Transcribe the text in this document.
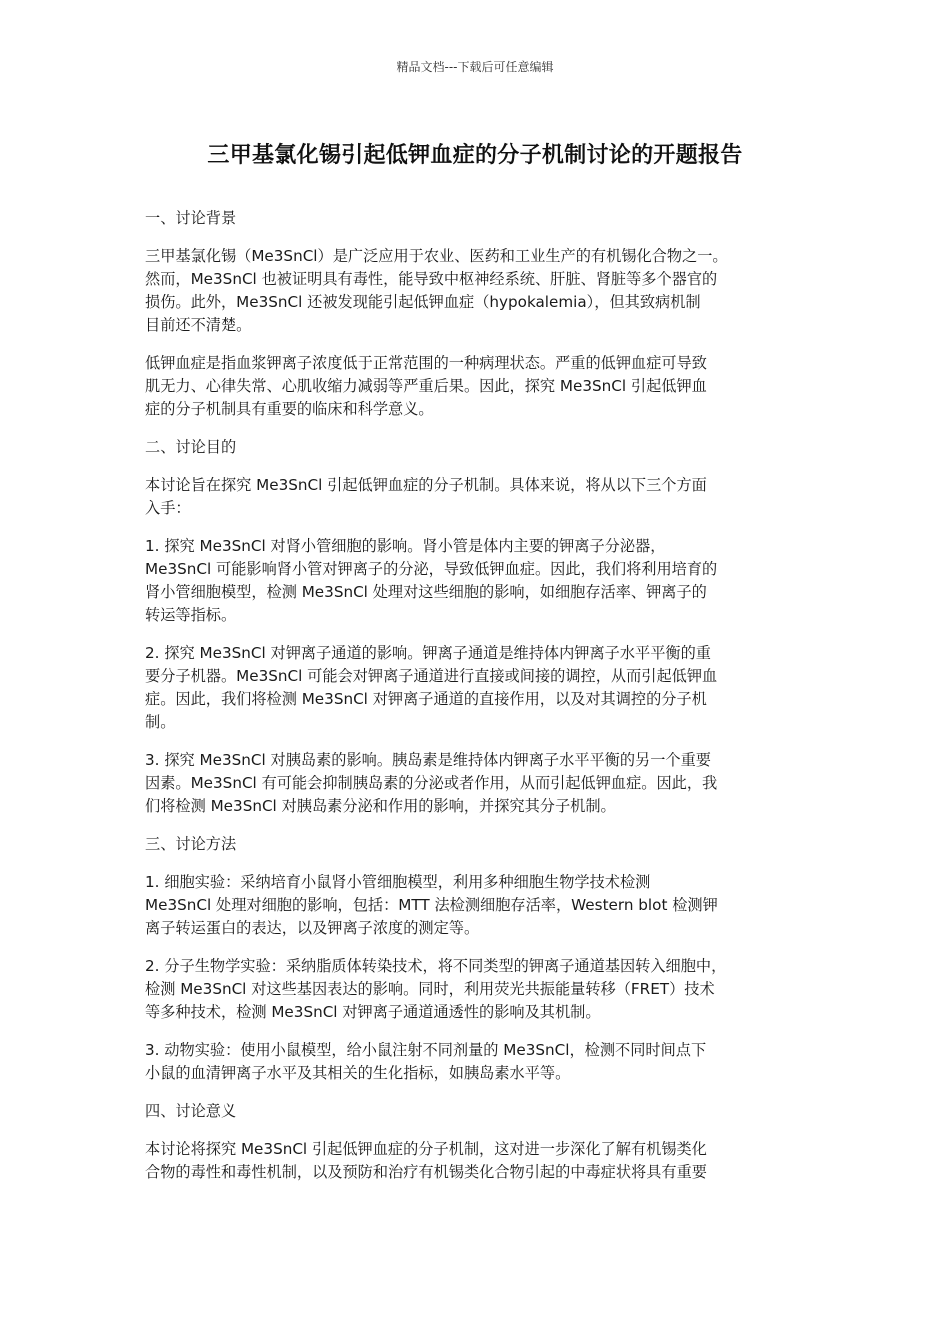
精品文档---下载后可任意编辑
三甲基氯化锡引起低钾血症的分子机制讨论的开题报告

一、讨论背景

三甲基氯化锡（Me3SnCl）是广泛应用于农业、医药和工业生产的有机锡化合物之一。
然而，Me3SnCl 也被证明具有毒性，能导致中枢神经系统、肝脏、肾脏等多个器官的
损伤。此外，Me3SnCl 还被发现能引起低钾血症（hypokalemia），但其致病机制
目前还不清楚。

低钾血症是指血浆钾离子浓度低于正常范围的一种病理状态。严重的低钾血症可导致
肌无力、心律失常、心肌收缩力减弱等严重后果。因此，探究 Me3SnCl 引起低钾血
症的分子机制具有重要的临床和科学意义。

二、讨论目的

本讨论旨在探究 Me3SnCl 引起低钾血症的分子机制。具体来说，将从以下三个方面
入手：

1. 探究 Me3SnCl 对肾小管细胞的影响。肾小管是体内主要的钾离子分泌器，
Me3SnCl 可能影响肾小管对钾离子的分泌，导致低钾血症。因此，我们将利用培育的
肾小管细胞模型，检测 Me3SnCl 处理对这些细胞的影响，如细胞存活率、钾离子的
转运等指标。

2. 探究 Me3SnCl 对钾离子通道的影响。钾离子通道是维持体内钾离子水平平衡的重
要分子机器。Me3SnCl 可能会对钾离子通道进行直接或间接的调控，从而引起低钾血
症。因此，我们将检测 Me3SnCl 对钾离子通道的直接作用，以及对其调控的分子机
制。

3. 探究 Me3SnCl 对胰岛素的影响。胰岛素是维持体内钾离子水平平衡的另一个重要
因素。Me3SnCl 有可能会抑制胰岛素的分泌或者作用，从而引起低钾血症。因此，我
们将检测 Me3SnCl 对胰岛素分泌和作用的影响，并探究其分子机制。

三、讨论方法

1. 细胞实验：采纳培育小鼠肾小管细胞模型，利用多种细胞生物学技术检测
Me3SnCl 处理对细胞的影响，包括：MTT 法检测细胞存活率，Western blot 检测钾
离子转运蛋白的表达，以及钾离子浓度的测定等。

2. 分子生物学实验：采纳脂质体转染技术，将不同类型的钾离子通道基因转入细胞中，
检测 Me3SnCl 对这些基因表达的影响。同时，利用荧光共振能量转移（FRET）技术
等多种技术，检测 Me3SnCl 对钾离子通道通透性的影响及其机制。

3. 动物实验：使用小鼠模型，给小鼠注射不同剂量的 Me3SnCl，检测不同时间点下
小鼠的血清钾离子水平及其相关的生化指标，如胰岛素水平等。

四、讨论意义

本讨论将探究 Me3SnCl 引起低钾血症的分子机制，这对进一步深化了解有机锡类化
合物的毒性和毒性机制，以及预防和治疗有机锡类化合物引起的中毒症状将具有重要
